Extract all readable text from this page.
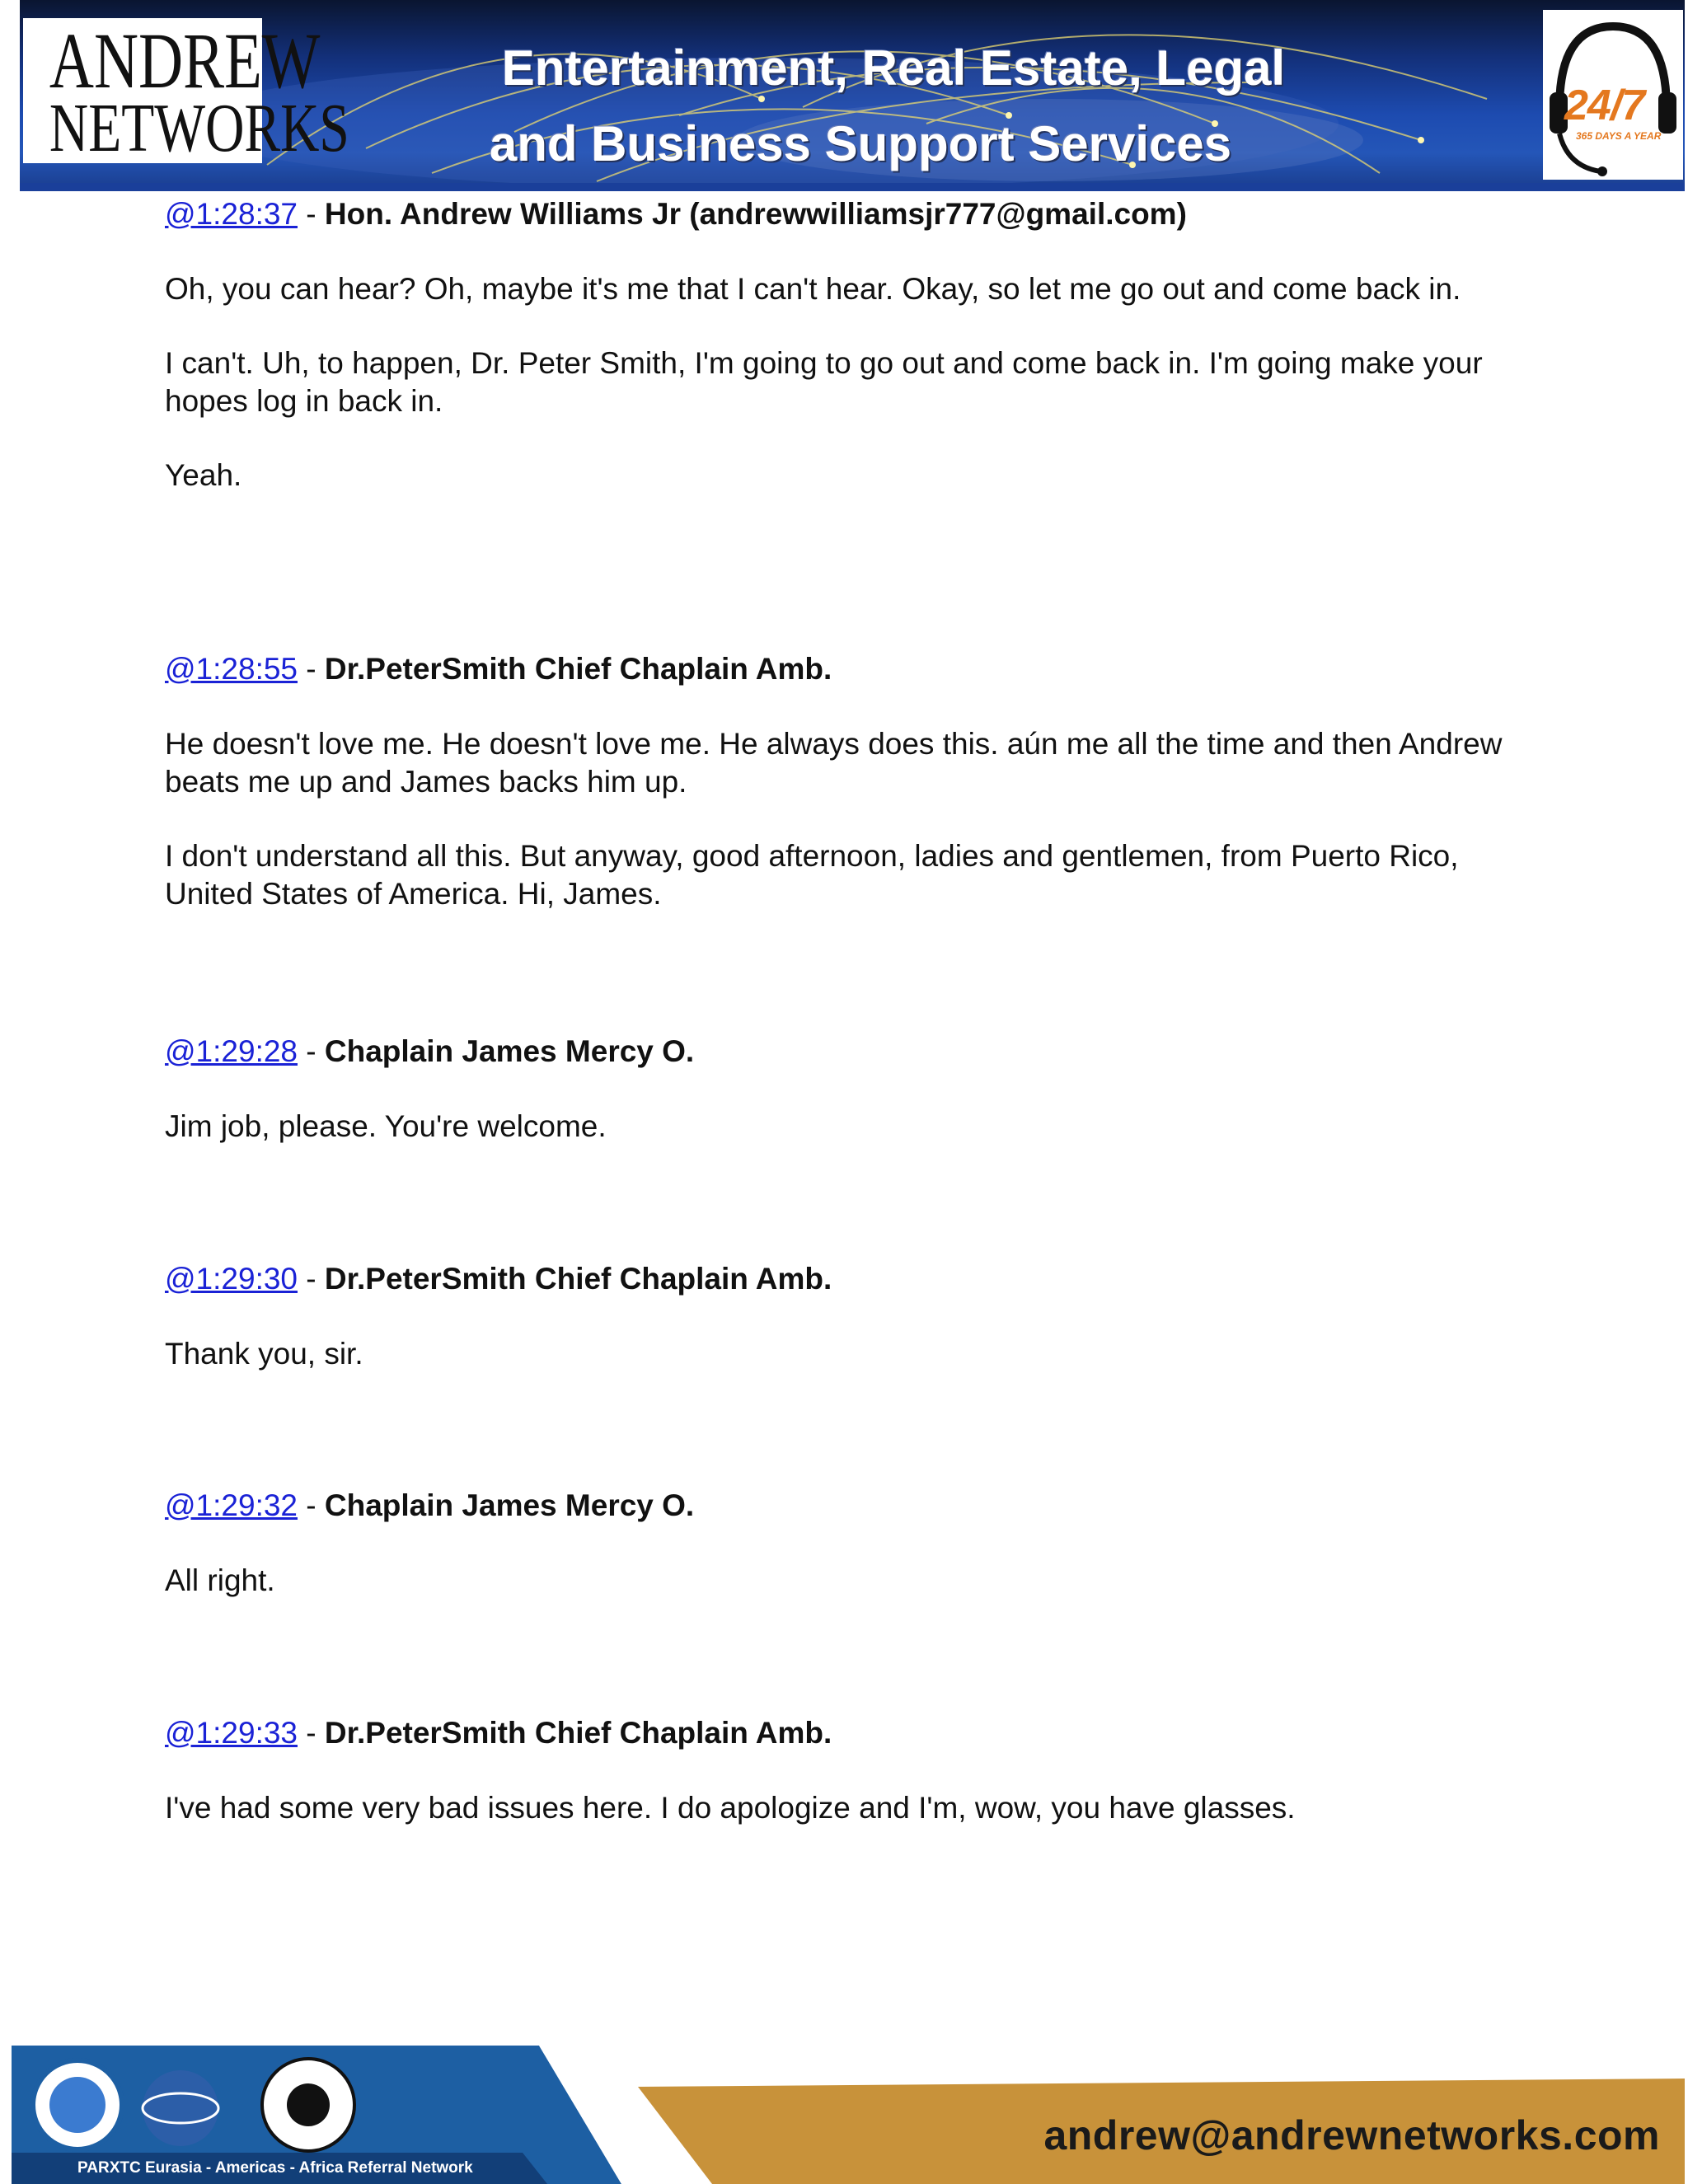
ANDREW
NETWORKS
Entertainment, Real Estate, Legal
and Business Support Services
24/7
365 DAYS A YEAR
@1:28:37 - Hon. Andrew Williams Jr (andrewwilliamsjr777@gmail.com)
Oh, you can hear? Oh, maybe it's me that I can't hear. Okay, so let me go out and come back in.
I can't. Uh, to happen, Dr. Peter Smith, I'm going to go out and come back in. I'm going make your hopes log in back in.
Yeah.
@1:28:55 - Dr.PeterSmith Chief Chaplain Amb.
He doesn't love me. He doesn't love me. He always does this. aún me all the time and then Andrew beats me up and James backs him up.
I don't understand all this. But anyway, good afternoon, ladies and gentlemen, from Puerto Rico, United States of America. Hi, James.
@1:29:28 - Chaplain James Mercy O.
Jim job, please. You're welcome.
@1:29:30 - Dr.PeterSmith Chief Chaplain Amb.
Thank you, sir.
@1:29:32 - Chaplain James Mercy O.
All right.
@1:29:33 - Dr.PeterSmith Chief Chaplain Amb.
I've had some very bad issues here. I do apologize and I'm, wow, you have glasses.
PARXTC Eurasia - Americas - Africa Referral Network
andrew@andrewnetworks.com
